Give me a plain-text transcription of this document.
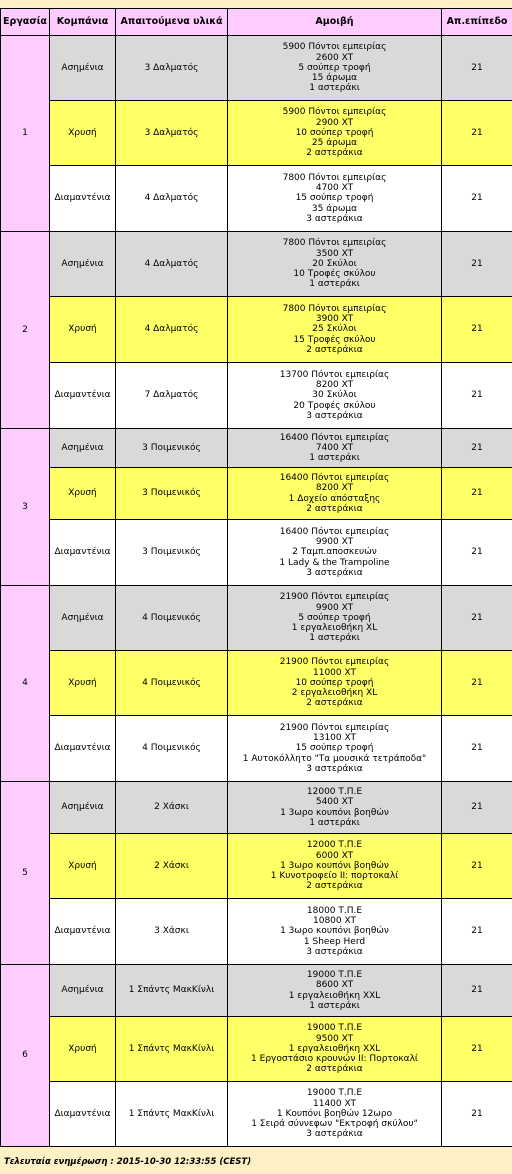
Εργασία	Κομπάνια	Απαιτούμενα υλικά	Αμοιβή	Απ.επίπεδο
1	Ασημένια	3 Δαλματός	5900 Πόντοι εμπειρίας
2600 XT
5 σούπερ τροφή
15 άρωμα
1 αστεράκι	21
	Χρυσή	3 Δαλματός	5900 Πόντοι εμπειρίας
2900 XT
10 σούπερ τροφή
25 άρωμα
2 αστεράκια	21
	Διαμαντένια	4 Δαλματός	7800 Πόντοι εμπειρίας
4700 XT
15 σούπερ τροφή
35 άρωμα
3 αστεράκια	21
2	Ασημένια	4 Δαλματός	7800 Πόντοι εμπειρίας
3500 XT
20 Σκύλοι
10 Τροφές σκύλου
1 αστεράκι	21
	Χρυσή	4 Δαλματός	7800 Πόντοι εμπειρίας
3900 XT
25 Σκύλοι
15 Τροφές σκύλου
2 αστεράκια	21
	Διαμαντένια	7 Δαλματός	13700 Πόντοι εμπειρίας
8200 XT
30 Σκύλοι
20 Τροφές σκύλου
3 αστεράκια	21
3	Ασημένια	3 Ποιμενικός	16400 Πόντοι εμπειρίας
7400 XT
1 αστεράκι	21
	Χρυσή	3 Ποιμενικός	16400 Πόντοι εμπειρίας
8200 XT
1 Δοχείο απόσταξης
2 αστεράκια	21
	Διαμαντένια	3 Ποιμενικός	16400 Πόντοι εμπειρίας
9900 XT
2 Ταμπ.αποσκευών
1 Lady & the Trampoline
3 αστεράκια	21
4	Ασημένια	4 Ποιμενικός	21900 Πόντοι εμπειρίας
9900 XT
5 σούπερ τροφή
1 εργαλειοθήκη XL
1 αστεράκι	21
	Χρυσή	4 Ποιμενικός	21900 Πόντοι εμπειρίας
11000 XT
10 σούπερ τροφή
2 εργαλειοθήκη XL
2 αστεράκια	21
	Διαμαντένια	4 Ποιμενικός	21900 Πόντοι εμπειρίας
13100 XT
15 σούπερ τροφή
1 Αυτοκόλλητο "Τα μουσικά τετράποδα"
3 αστεράκια	21
5	Ασημένια	2 Χάσκι	12000 Τ.Π.Ε
5400 XT
1 3ωρο κουπόνι βοηθών
1 αστεράκι	21
	Χρυσή	2 Χάσκι	12000 Τ.Π.Ε
6000 XT
1 3ωρο κουπόνι βοηθών
1 Κυνοτροφείο II: πορτοκαλί
2 αστεράκια	21
	Διαμαντένια	3 Χάσκι	18000 Τ.Π.Ε
10800 XT
1 3ωρο κουπόνι βοηθών
1 Sheep Herd
3 αστεράκια	21
6	Ασημένια	1 Σπάντς ΜακΚίνλι	19000 Τ.Π.Ε
8600 XT
1 εργαλειοθήκη XXL
1 αστεράκι	21
	Χρυσή	1 Σπάντς ΜακΚίνλι	19000 Τ.Π.Ε
9500 XT
1 εργαλειοθήκη XXL
1 Εργοστάσιο κρουνών II: Πορτοκαλί
2 αστεράκια	21
	Διαμαντένια	1 Σπάντς ΜακΚίνλι	19000 Τ.Π.Ε
11400 XT
1 Κουπόνι βοηθών 12ωρο
1 Σειρά σύννεφων "Εκτροφή σκύλου"
3 αστεράκια	21
Τελευταία ενημέρωση : 2015-10-30 12:33:55 (CEST)
